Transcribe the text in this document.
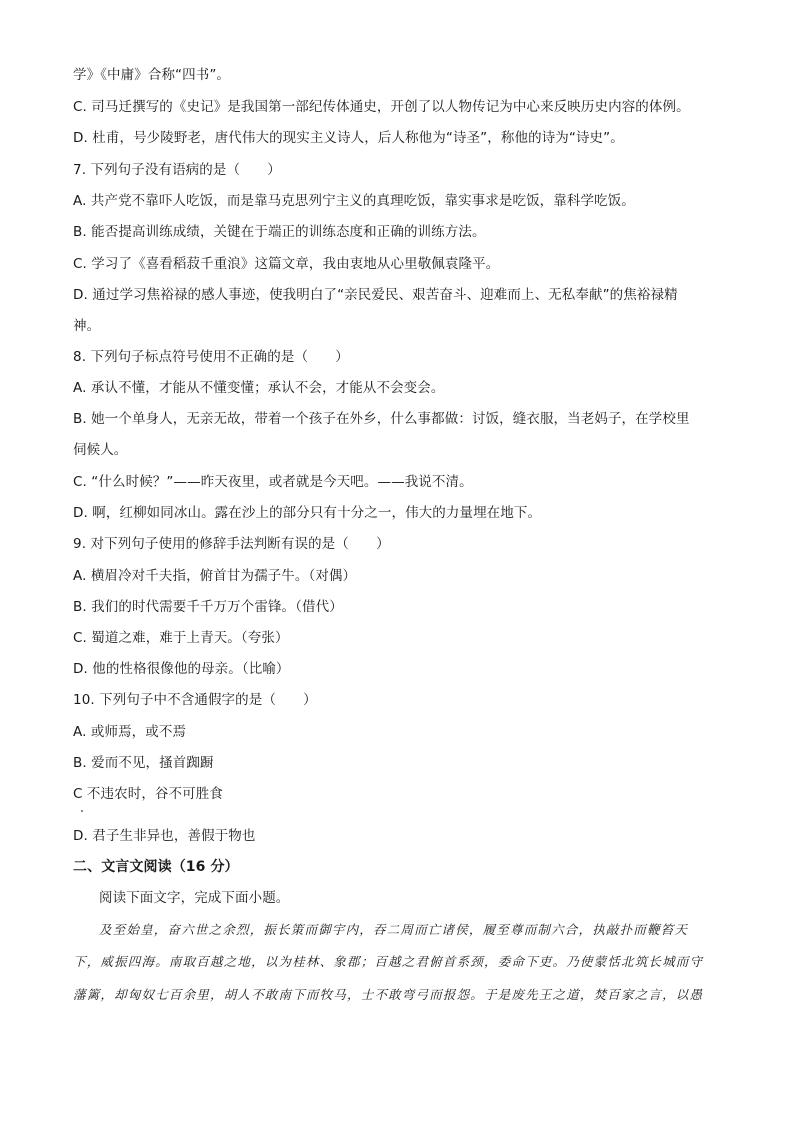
学》《中庸》合称“四书”。
C. 司马迁撰写的《史记》是我国第一部纪传体通史，开创了以人物传记为中心来反映历史内容的体例。
D. 杜甫，号少陵野老，唐代伟大的现实主义诗人，后人称他为“诗圣”，称他的诗为“诗史”。
7. 下列句子没有语病的是（　　）
A. 共产党不靠吓人吃饭，而是靠马克思列宁主义的真理吃饭，靠实事求是吃饭，靠科学吃饭。
B. 能否提高训练成绩，关键在于端正的训练态度和正确的训练方法。
C. 学习了《喜看稻菽千重浪》这篇文章，我由衷地从心里敬佩袁隆平。
D. 通过学习焦裕禄的感人事迹，使我明白了“亲民爱民、艰苦奋斗、迎难而上、无私奉献”的焦裕禄精
神。
8. 下列句子标点符号使用不正确的是（　　）
A. 承认不懂，才能从不懂变懂；承认不会，才能从不会变会。
B. 她一个单身人，无亲无故，带着一个孩子在外乡，什么事都做：讨饭，缝衣服，当老妈子，在学校里
伺候人。
C. “什么时候？”——昨天夜里，或者就是今天吧。——我说不清。
D. 啊，红柳如同冰山。露在沙上的部分只有十分之一，伟大的力量埋在地下。
9. 对下列句子使用的修辞手法判断有误的是（　　）
A. 横眉冷对千夫指，俯首甘为孺子牛。（对偶）
B. 我们的时代需要千千万万个雷锋。（借代）
C. 蜀道之难，难于上青天。（夸张）
D. 他的性格很像他的母亲。（比喻）
10. 下列句子中不含通假字的是（　　）
A. 或师焉，或不焉
B. 爱而不见，搔首踟蹰
C 不违农时，谷不可胜食
D. 君子生非异也，善假于物也
二、文言文阅读（16 分）
阅读下面文字，完成下面小题。
及至始皇，奋六世之余烈，振长策而御宇内，吞二周而亡诸侯，履至尊而制六合，执敲扑而鞭笞天
下，威振四海。南取百越之地，以为桂林、象郡；百越之君俯首系颈，委命下吏。乃使蒙恬北筑长城而守
藩篱，却匈奴七百余里，胡人不敢南下而牧马，士不敢弯弓而报怨。于是废先王之道，焚百家之言，以愚
